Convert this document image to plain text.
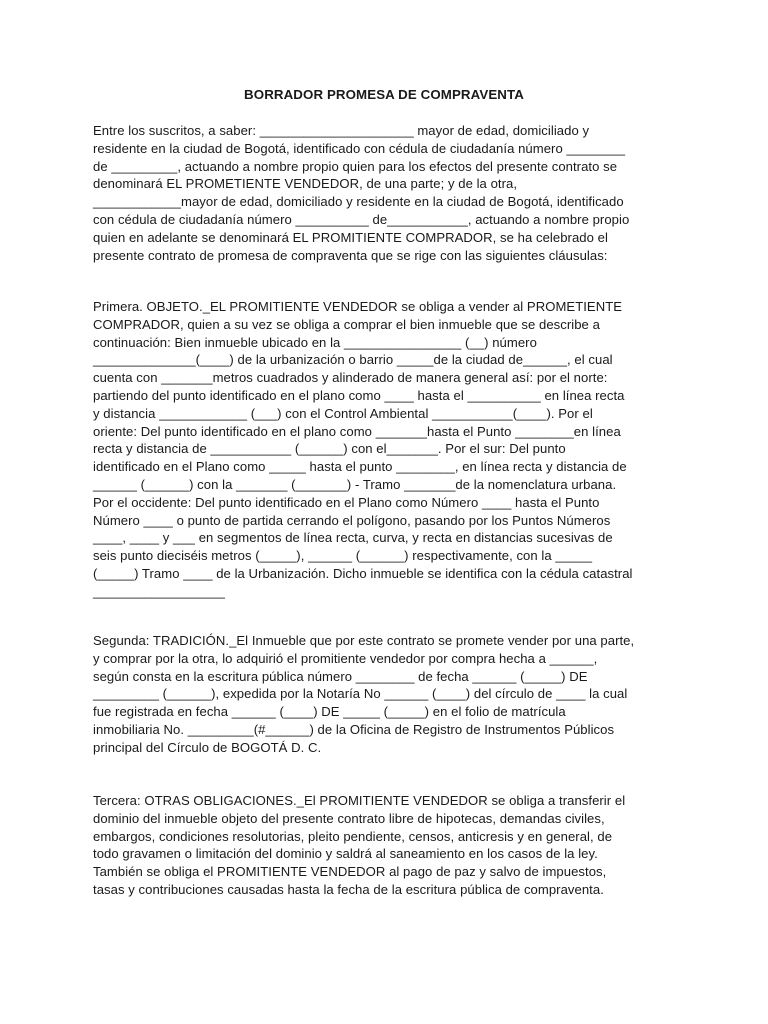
BORRADOR PROMESA DE COMPRAVENTA
Entre los suscritos, a saber: _____________________ mayor de edad, domiciliado y
residente en la ciudad de Bogotá, identificado con cédula de ciudadanía número ________
de _________, actuando a nombre propio quien para los efectos del presente contrato se
denominará EL PROMETIENTE VENDEDOR, de una parte; y de la otra,
____________mayor de edad, domiciliado y residente en la ciudad de Bogotá, identificado
con cédula de ciudadanía número __________ de___________, actuando a nombre propio
quien en adelante se denominará EL PROMITIENTE COMPRADOR, se ha celebrado el
presente contrato de promesa de compraventa que se rige con las siguientes cláusulas:
Primera. OBJETO._EL PROMITIENTE VENDEDOR se obliga a vender al PROMETIENTE
COMPRADOR, quien a su vez se obliga a comprar el bien inmueble que se describe a
continuación: Bien inmueble ubicado en la ________________ (__) número
______________(____) de la urbanización o barrio _____de la ciudad de______, el cual
cuenta con _______metros cuadrados y alinderado de manera general así: por el norte:
partiendo del punto identificado en el plano como ____ hasta el __________ en línea recta
y distancia ____________ (___) con el Control Ambiental ___________(____). Por el
oriente: Del punto identificado en el plano como _______hasta el Punto ________en línea
recta y distancia de ___________ (______) con el_______. Por el sur: Del punto
identificado en el Plano como _____ hasta el punto ________, en línea recta y distancia de
______ (______) con la _______ (_______) - Tramo _______de la nomenclatura urbana.
Por el occidente: Del punto identificado en el Plano como Número ____ hasta el Punto
Número ____ o punto de partida cerrando el polígono, pasando por los Puntos Números
____, ____ y ___ en segmentos de línea recta, curva, y recta en distancias sucesivas de
seis punto dieciséis metros (_____), ______ (______) respectivamente, con la _____
(_____) Tramo ____ de la Urbanización. Dicho inmueble se identifica con la cédula catastral
__________________
Segunda: TRADICIÓN._El Inmueble que por este contrato se promete vender por una parte,
y comprar por la otra, lo adquirió el promitiente vendedor por compra hecha a ______,
según consta en la escritura pública número ________ de fecha ______ (_____) DE
_________ (______), expedida por la Notaría No ______ (____) del círculo de ____ la cual
fue registrada en fecha ______ (____) DE _____ (_____) en el folio de matrícula
inmobiliaria No. _________(#______) de la Oficina de Registro de Instrumentos Públicos
principal del Círculo de BOGOTÁ D. C.
Tercera: OTRAS OBLIGACIONES._El PROMITIENTE VENDEDOR se obliga a transferir el
dominio del inmueble objeto del presente contrato libre de hipotecas, demandas civiles,
embargos, condiciones resolutorias, pleito pendiente, censos, anticresis y en general, de
todo gravamen o limitación del dominio y saldrá al saneamiento en los casos de la ley.
También se obliga el PROMITIENTE VENDEDOR al pago de paz y salvo de impuestos,
tasas y contribuciones causadas hasta la fecha de la escritura pública de compraventa.
